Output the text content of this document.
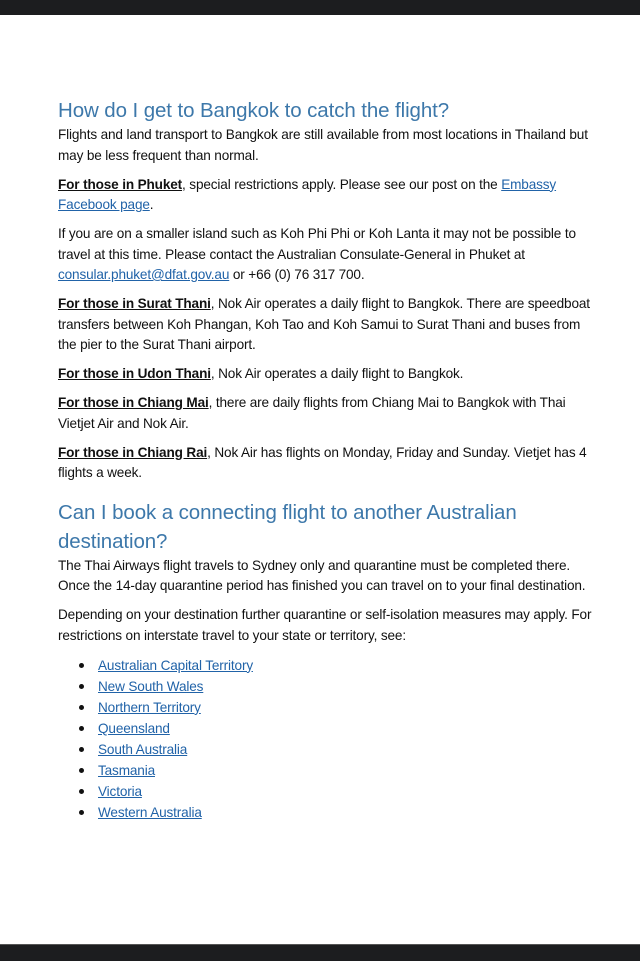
How do I get to Bangkok to catch the flight?

Flights and land transport to Bangkok are still available from most locations in Thailand but may be less frequent than normal.

For those in Phuket, special restrictions apply. Please see our post on the Embassy Facebook page.

If you are on a smaller island such as Koh Phi Phi or Koh Lanta it may not be possible to travel at this time. Please contact the Australian Consulate-General in Phuket at consular.phuket@dfat.gov.au or +66 (0) 76 317 700.

For those in Surat Thani, Nok Air operates a daily flight to Bangkok. There are speedboat transfers between Koh Phangan, Koh Tao and Koh Samui to Surat Thani and buses from the pier to the Surat Thani airport.

For those in Udon Thani, Nok Air operates a daily flight to Bangkok.

For those in Chiang Mai, there are daily flights from Chiang Mai to Bangkok with Thai Vietjet Air and Nok Air.

For those in Chiang Rai, Nok Air has flights on Monday, Friday and Sunday. Vietjet has 4 flights a week.

Can I book a connecting flight to another Australian destination?

The Thai Airways flight travels to Sydney only and quarantine must be completed there. Once the 14-day quarantine period has finished you can travel on to your final destination.

Depending on your destination further quarantine or self-isolation measures may apply. For restrictions on interstate travel to your state or territory, see:

Australian Capital Territory
New South Wales
Northern Territory
Queensland
South Australia
Tasmania
Victoria
Western Australia
